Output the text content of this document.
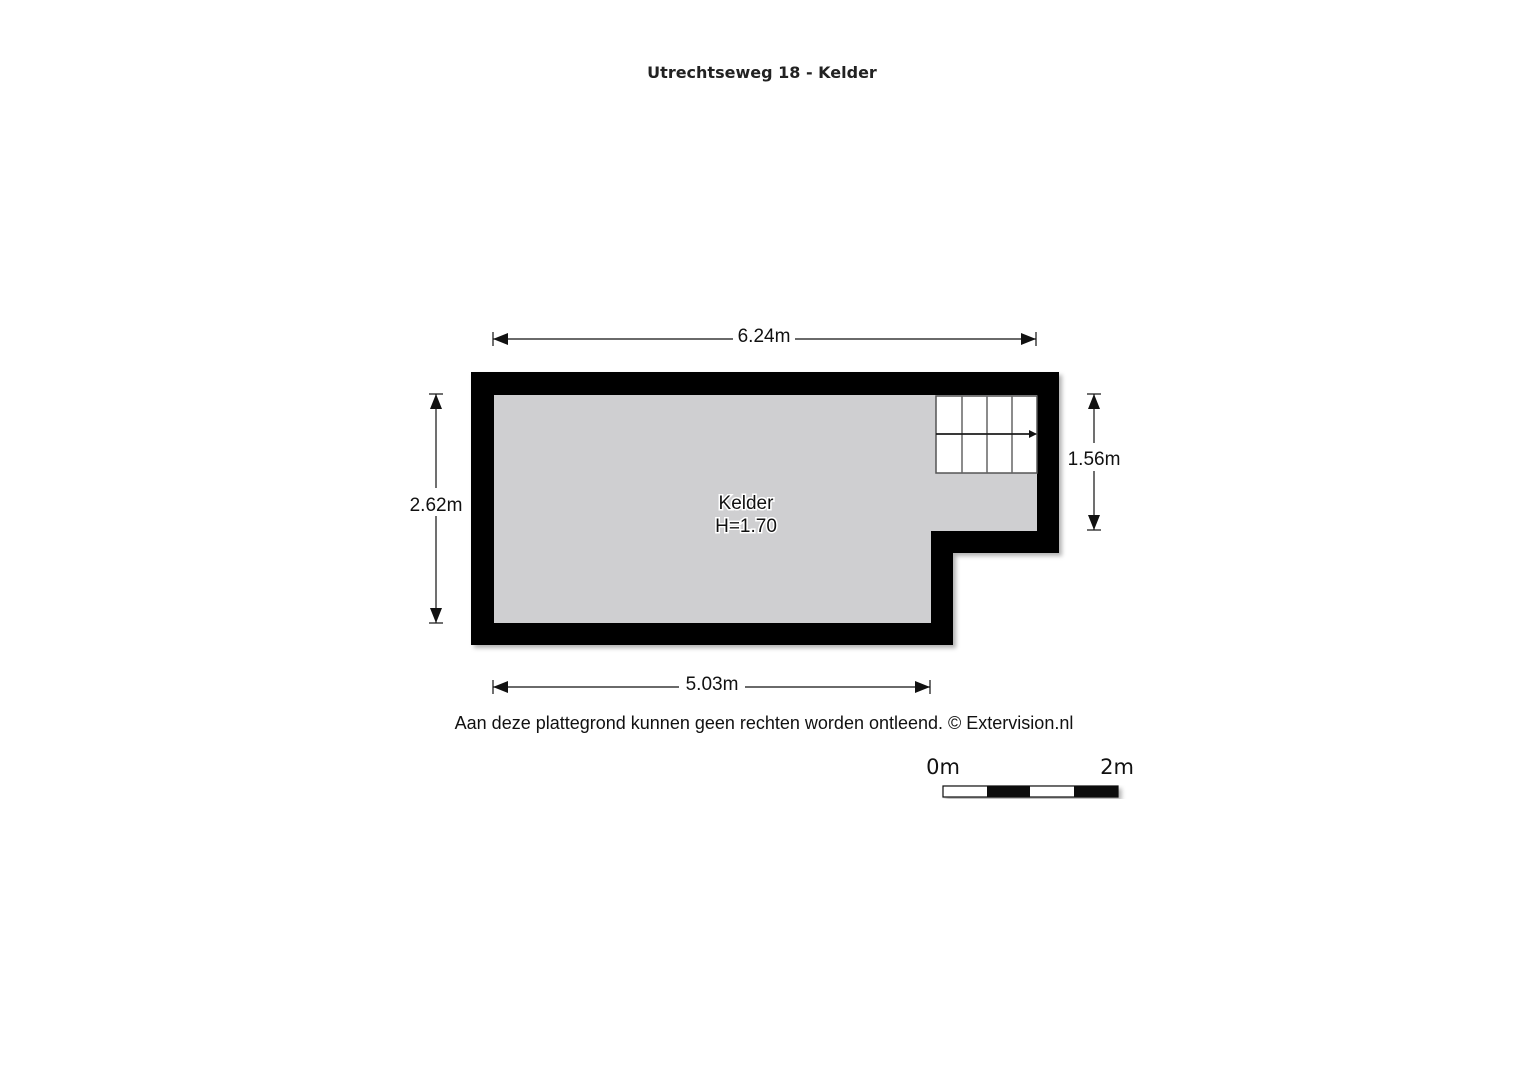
Utrechtseweg 18 - Kelder
Kelder
H=1.70
6.24m
2.62m
1.56m
5.03m
Aan deze plattegrond kunnen geen rechten worden ontleend. © Extervision.nl
0m	2m
